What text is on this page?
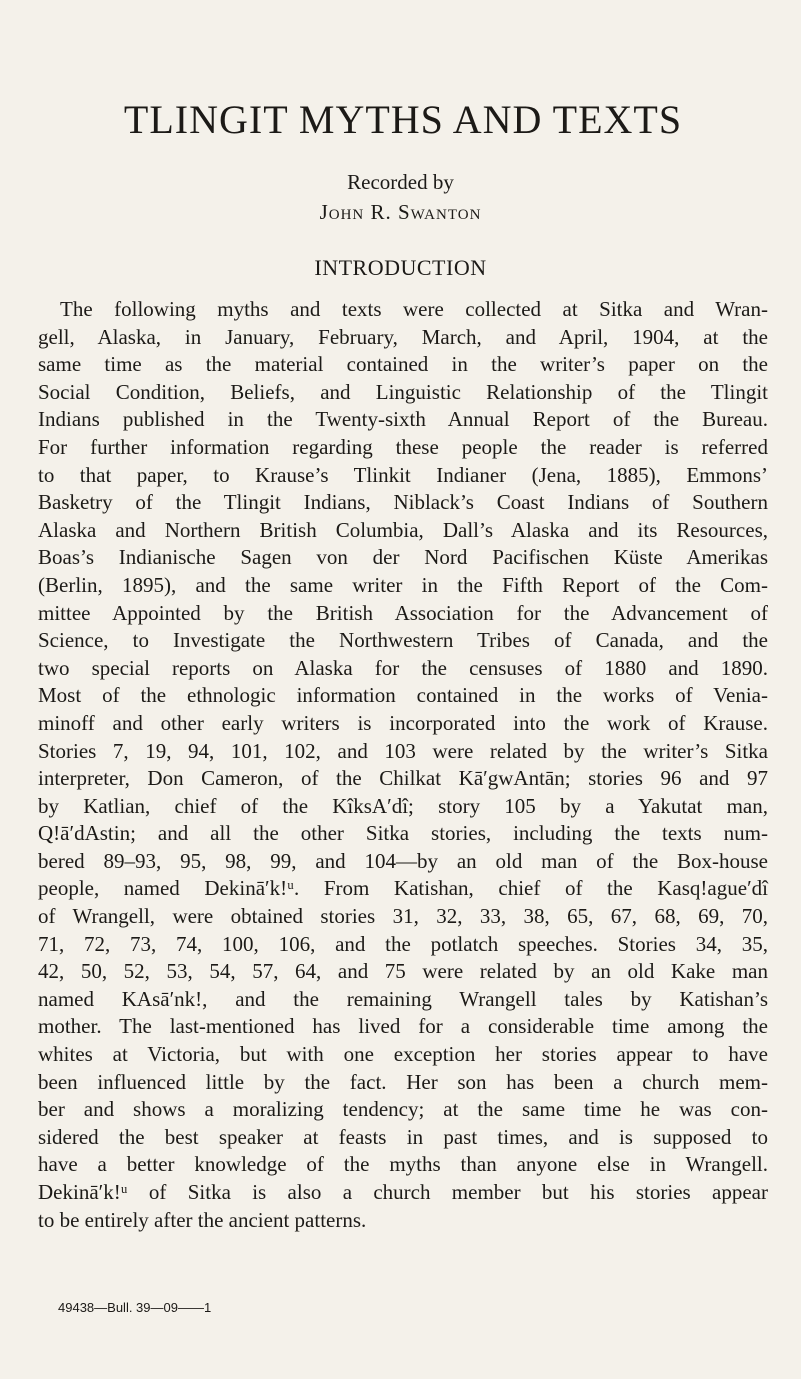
TLINGIT MYTHS AND TEXTS
Recorded by
John R. Swanton
INTRODUCTION
The following myths and texts were collected at Sitka and Wran-
gell, Alaska, in January, February, March, and April, 1904, at the
same time as the material contained in the writer’s paper on the
Social Condition, Beliefs, and Linguistic Relationship of the Tlingit
Indians published in the Twenty-sixth Annual Report of the Bureau.
For further information regarding these people the reader is referred
to that paper, to Krause’s Tlinkit Indianer (Jena, 1885), Emmons’
Basketry of the Tlingit Indians, Niblack’s Coast Indians of Southern
Alaska and Northern British Columbia, Dall’s Alaska and its Resources,
Boas’s Indianische Sagen von der Nord Pacifischen Küste Amerikas
(Berlin, 1895), and the same writer in the Fifth Report of the Com-
mittee Appointed by the British Association for the Advancement of
Science, to Investigate the Northwestern Tribes of Canada, and the
two special reports on Alaska for the censuses of 1880 and 1890.
Most of the ethnologic information contained in the works of Venia-
minoff and other early writers is incorporated into the work of Krause.
Stories 7, 19, 94, 101, 102, and 103 were related by the writer’s Sitka
interpreter, Don Cameron, of the Chilkat Kā′gwAntān; stories 96 and 97
by Katlian, chief of the KîksA′dî; story 105 by a Yakutat man,
Q!ā′dAstin; and all the other Sitka stories, including the texts num-
bered 89–93, 95, 98, 99, and 104—by an old man of the Box-house
people, named Dekinā′k!ᵘ. From Katishan, chief of the Kasq!ague′dî
of Wrangell, were obtained stories 31, 32, 33, 38, 65, 67, 68, 69, 70,
71, 72, 73, 74, 100, 106, and the potlatch speeches. Stories 34, 35,
42, 50, 52, 53, 54, 57, 64, and 75 were related by an old Kake man
named KAsā′nk!, and the remaining Wrangell tales by Katishan’s
mother. The last-mentioned has lived for a considerable time among the
whites at Victoria, but with one exception her stories appear to have
been influenced little by the fact. Her son has been a church mem-
ber and shows a moralizing tendency; at the same time he was con-
sidered the best speaker at feasts in past times, and is supposed to
have a better knowledge of the myths than anyone else in Wrangell.
Dekinā′k!ᵘ of Sitka is also a church member but his stories appear
to be entirely after the ancient patterns.
49438—Bull. 39—09——1
